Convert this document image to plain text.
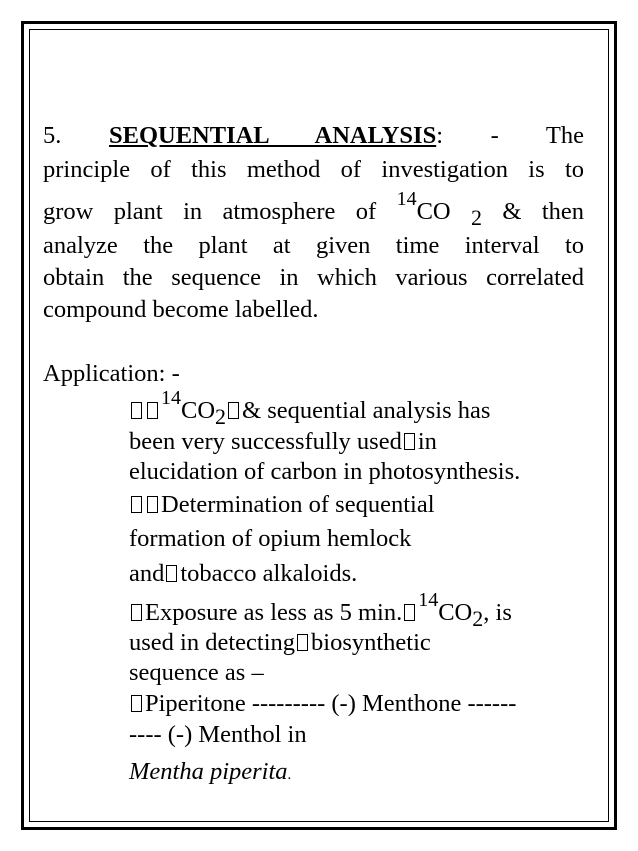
5. SEQUENTIAL ANALYSIS: - The
principle of this method of investigation is to
grow plant in atmosphere of $^{14}$CO 2 & then
analyze the plant at given time interval to
obtain the sequence in which various correlated
compound become labelled.
Application: -
$^{14}$CO2 & sequential analysis has
been very successfully used in
elucidation of carbon in photosynthesis.
Determination of sequential
formation of opium hemlock
and tobacco alkaloids.
Exposure as less as 5 min. $^{14}$CO2, is
used in detecting biosynthetic
sequence as –
Piperitone --------- (-) Menthone ------
---- (-) Menthol in
Mentha piperita.
